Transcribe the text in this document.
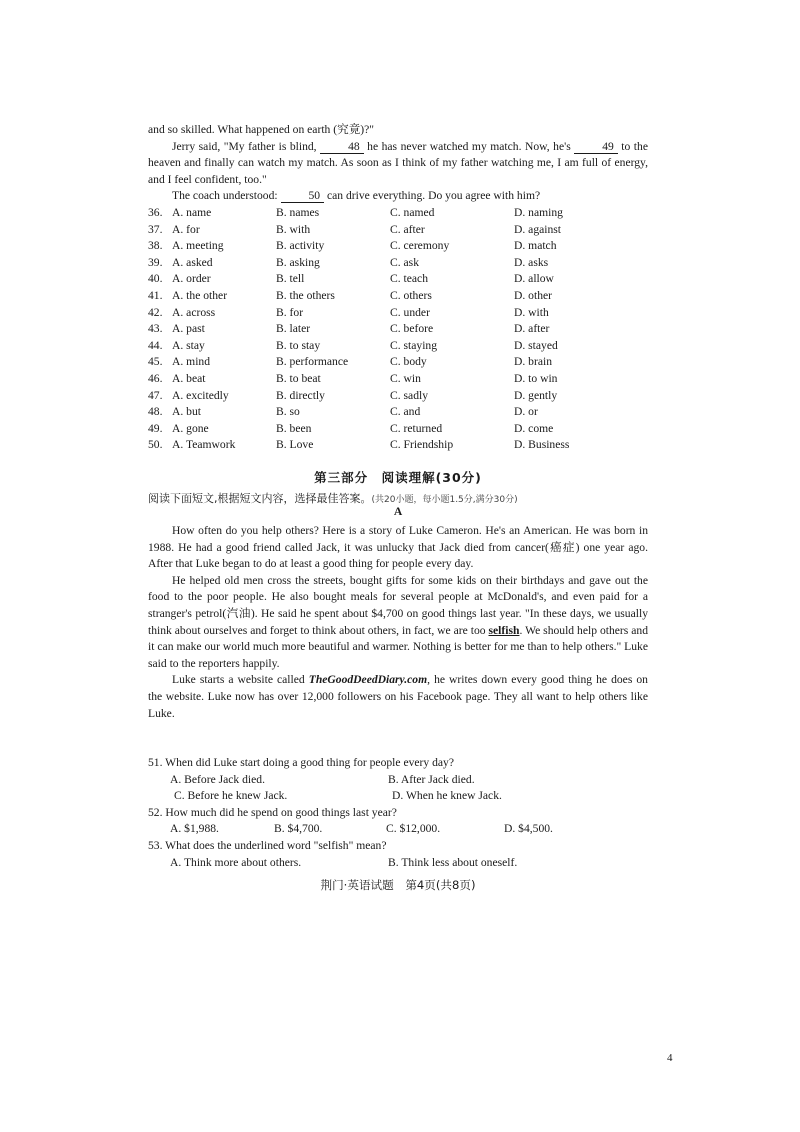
and so skilled. What happened on earth (究竟)?"

Jerry said, "My father is blind, 48 he has never watched my match. Now, he's 49 to the heaven and finally can watch my match. As soon as I think of my father watching me, I am full of energy, and I feel confident, too."

The coach understood: 50 can drive everything. Do you agree with him?

36. A. name	B. names	C. named	D. naming
37. A. for	B. with	C. after	D. against
38. A. meeting	B. activity	C. ceremony	D. match
39. A. asked	B. asking	C. ask	D. asks
40. A. order	B. tell	C. teach	D. allow
41. A. the other	B. the others	C. others	D. other
42. A. across	B. for	C. under	D. with
43. A. past	B. later	C. before	D. after
44. A. stay	B. to stay	C. staying	D. stayed
45. A. mind	B. performance	C. body	D. brain
46. A. beat	B. to beat	C. win	D. to win
47. A. excitedly	B. directly	C. sadly	D. gently
48. A. but	B. so	C. and	D. or
49. A. gone	B. been	C. returned	D. come
50. A. Teamwork	B. Love	C. Friendship	D. Business
第三部分　阅读理解(30分)
阅读下面短文,根据短文内容，选择最佳答案。(共20小题，每小题1.5分,满分30分)
A

How often do you help others? Here is a story of Luke Cameron. He's an American. He was born in 1988. He had a good friend called Jack, it was unlucky that Jack died from cancer(癌症) one year ago. After that Luke began to do at least a good thing for people every day.

He helped old men cross the streets, bought gifts for some kids on their birthdays and gave out the food to the poor people. He also bought meals for several people at McDonald's, and even paid for a stranger's petrol(汽油). He said he spent about $4,700 on good things last year. "In these days, we usually think about ourselves and forget to think about others, in fact, we are too selfish. We should help others and it can make our world much more beautiful and warmer. Nothing is better for me than to help others." Luke said to the reporters happily.

Luke starts a website called TheGoodDeedDiary.com, he writes down every good thing he does on the website. Luke now has over 12,000 followers on his Facebook page. They all want to help others like Luke.

51. When did Luke start doing a good thing for people every day?
A. Before Jack died.	B. After Jack died.
C. Before he knew Jack.	D. When he knew Jack.
52. How much did he spend on good things last year?
A. $1,988.	B. $4,700.	C. $12,000.	D. $4,500.
53. What does the underlined word "selfish" mean?
A. Think more about others.	B. Think less about oneself.
荆门·英语试题　第4页(共8页)
4
